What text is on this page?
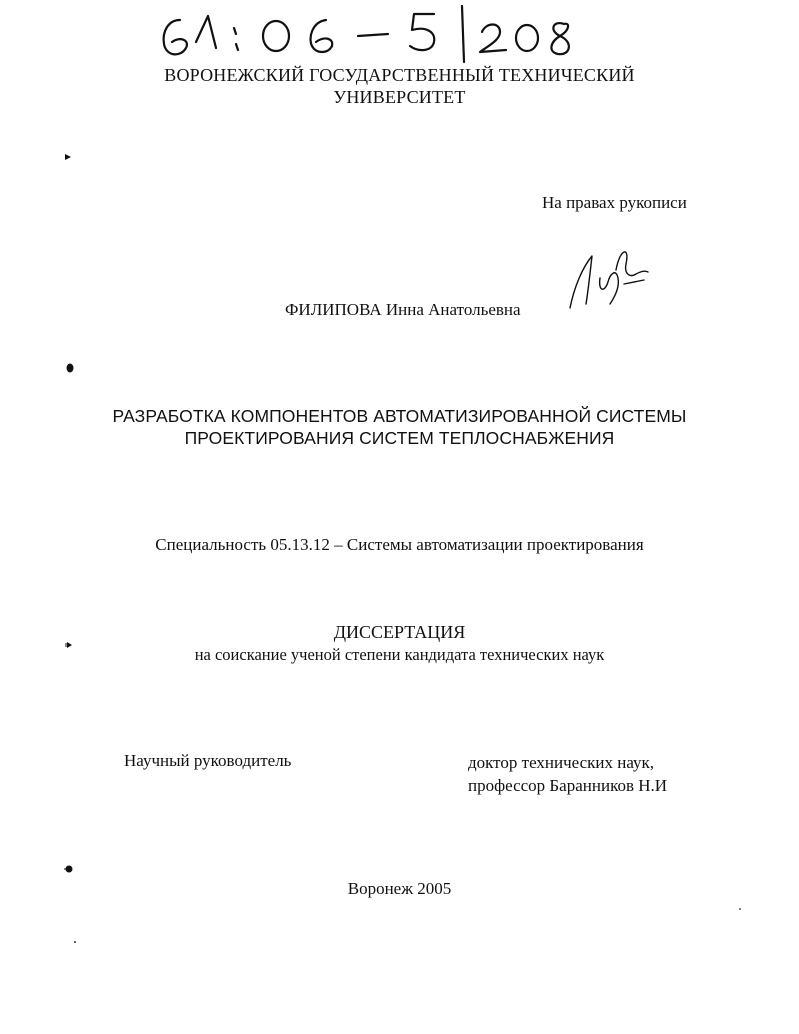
ВОРОНЕЖСКИЙ ГОСУДАРСТВЕННЫЙ ТЕХНИЧЕСКИЙ
УНИВЕРСИТЕТ
На правах рукописи
ФИЛИПОВА Инна Анатольевна
РАЗРАБОТКА КОМПОНЕНТОВ АВТОМАТИЗИРОВАННОЙ СИСТЕМЫ
ПРОЕКТИРОВАНИЯ СИСТЕМ ТЕПЛОСНАБЖЕНИЯ
Специальность 05.13.12 – Системы автоматизации проектирования
ДИССЕРТАЦИЯ
на соискание ученой степени кандидата технических наук
Научный руководитель	доктор технических наук,
профессор Баранников Н.И
Воронеж 2005
